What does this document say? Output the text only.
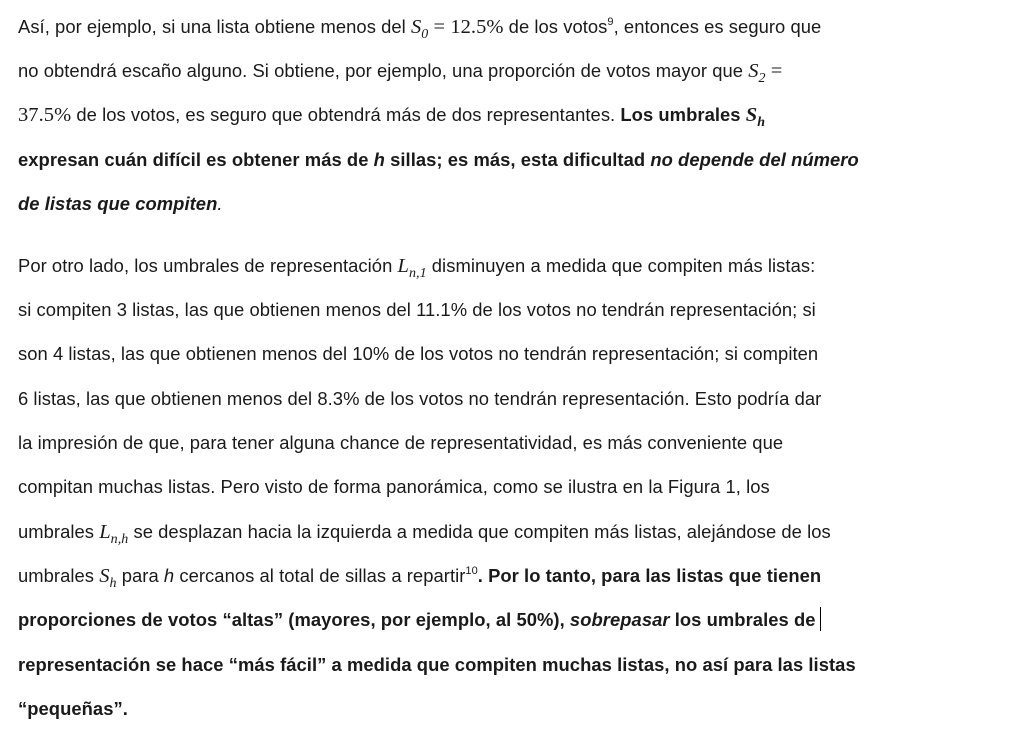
Así, por ejemplo, si una lista obtiene menos del $S_0 = 12.5\%$ de los votos$^9$, entonces es seguro que
no obtendrá escaño alguno. Si obtiene, por ejemplo, una proporción de votos mayor que $S_2$ =
37.5% de los votos, es seguro que obtendrá más de dos representantes. Los umbrales $S_h$
expresan cuán difícil es obtener más de h sillas; es más, esta dificultad no depende del número
de listas que compiten.
Por otro lado, los umbrales de representación $L_{n,1}$ disminuyen a medida que compiten más listas:
si compiten 3 listas, las que obtienen menos del 11.1% de los votos no tendrán representación; si
son 4 listas, las que obtienen menos del 10% de los votos no tendrán representación; si compiten
6 listas, las que obtienen menos del 8.3% de los votos no tendrán representación. Esto podría dar
la impresión de que, para tener alguna chance de representatividad, es más conveniente que
compitan muchas listas. Pero visto de forma panorámica, como se ilustra en la Figura 1, los
umbrales $L_{n,h}$ se desplazan hacia la izquierda a medida que compiten más listas, alejándose de los
umbrales $S_h$ para h cercanos al total de sillas a repartir$^{10}$. Por lo tanto, para las listas que tienen
proporciones de votos “altas” (mayores, por ejemplo, al 50%), sobrepasar los umbrales de
representación se hace “más fácil” a medida que compiten muchas listas, no así para las listas
“pequeñas”.
